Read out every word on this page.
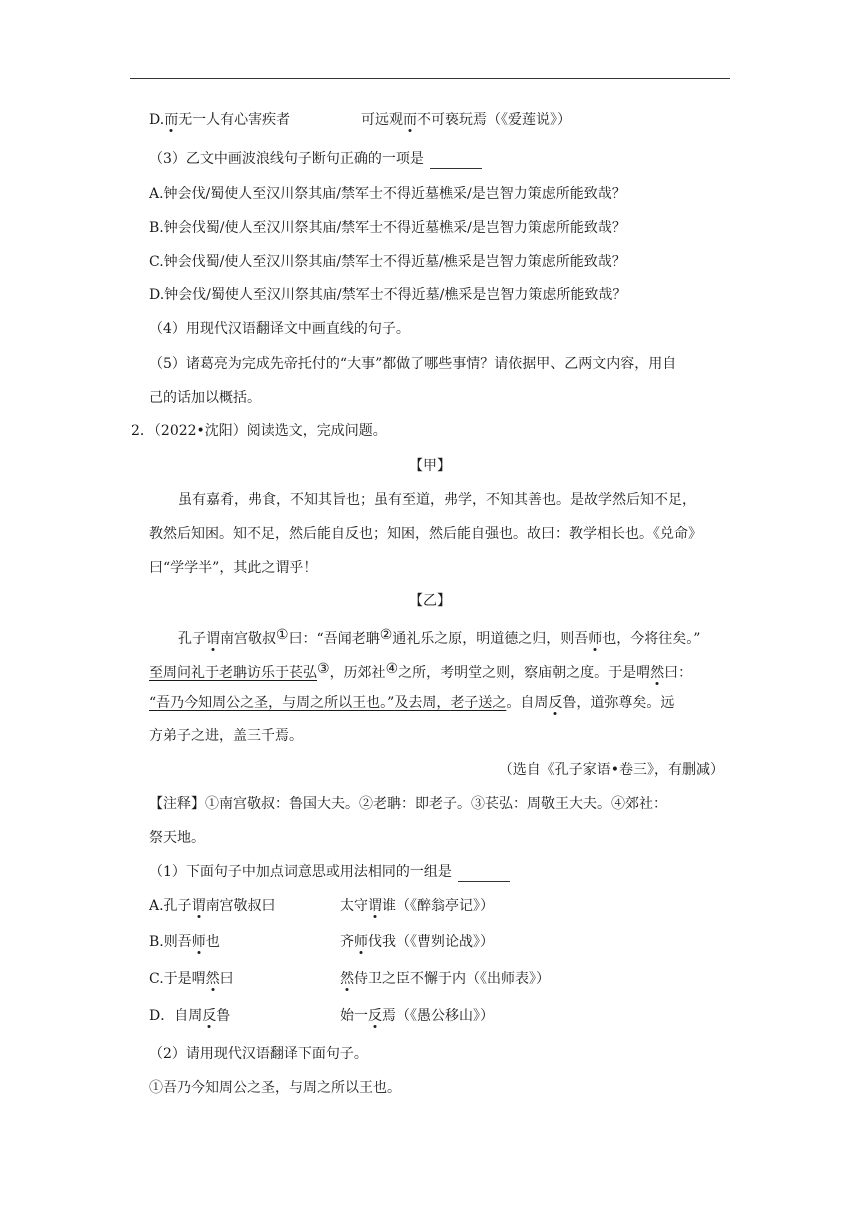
D.而无一人有心害疾者	可远观而不可亵玩焉（《爱莲说》）
（3）乙文中画波浪线句子断句正确的一项是
A.钟会伐/蜀使人至汉川祭其庙/禁军士不得近墓樵采/是岂智力策虑所能致哉？
B.钟会伐蜀/使人至汉川祭其庙/禁军士不得近墓樵采/是岂智力策虑所能致哉？
C.钟会伐蜀/使人至汉川祭其庙/禁军士不得近墓/樵采是岂智力策虑所能致哉？
D.钟会伐/蜀使人至汉川祭其庙/禁军士不得近墓/樵采是岂智力策虑所能致哉？
（4）用现代汉语翻译文中画直线的句子。
（5）诸葛亮为完成先帝托付的“大事”都做了哪些事情？请依据甲、乙两文内容，用自
己的话加以概括。
2．（2022•沈阳）阅读选文，完成问题。
【甲】
虽有嘉肴，弗食，不知其旨也；虽有至道，弗学，不知其善也。是故学然后知不足，
教然后知困。知不足，然后能自反也；知困，然后能自强也。故曰：教学相长也。《兑命》
曰“学学半”，其此之谓乎！
【乙】
孔子谓南宫敬叔①曰：“吾闻老聃②通礼乐之原，明道德之归，则吾师也，今将往矣。”
至周问礼于老聃访乐于苌弘③，历郊社④之所，考明堂之则，察庙朝之度。于是喟然曰：
“吾乃今知周公之圣，与周之所以王也。”及去周，老子送之。自周反鲁，道弥尊矣。远
方弟子之进，盖三千焉。
（选自《孔子家语•卷三》，有删减）
【注释】①南宫敬叔：鲁国大夫。②老聃：即老子。③苌弘：周敬王大夫。④郊社：
祭天地。
（1）下面句子中加点词意思或用法相同的一组是
A.孔子谓南宫敬叔曰	太守谓谁（《醉翁亭记》）
B.则吾师也	齐师伐我（《曹刿论战》）
C.于是喟然曰	然侍卫之臣不懈于内（《出师表》）
D．自周反鲁	始一反焉（《愚公移山》）
（2）请用现代汉语翻译下面句子。
①吾乃今知周公之圣，与周之所以王也。
